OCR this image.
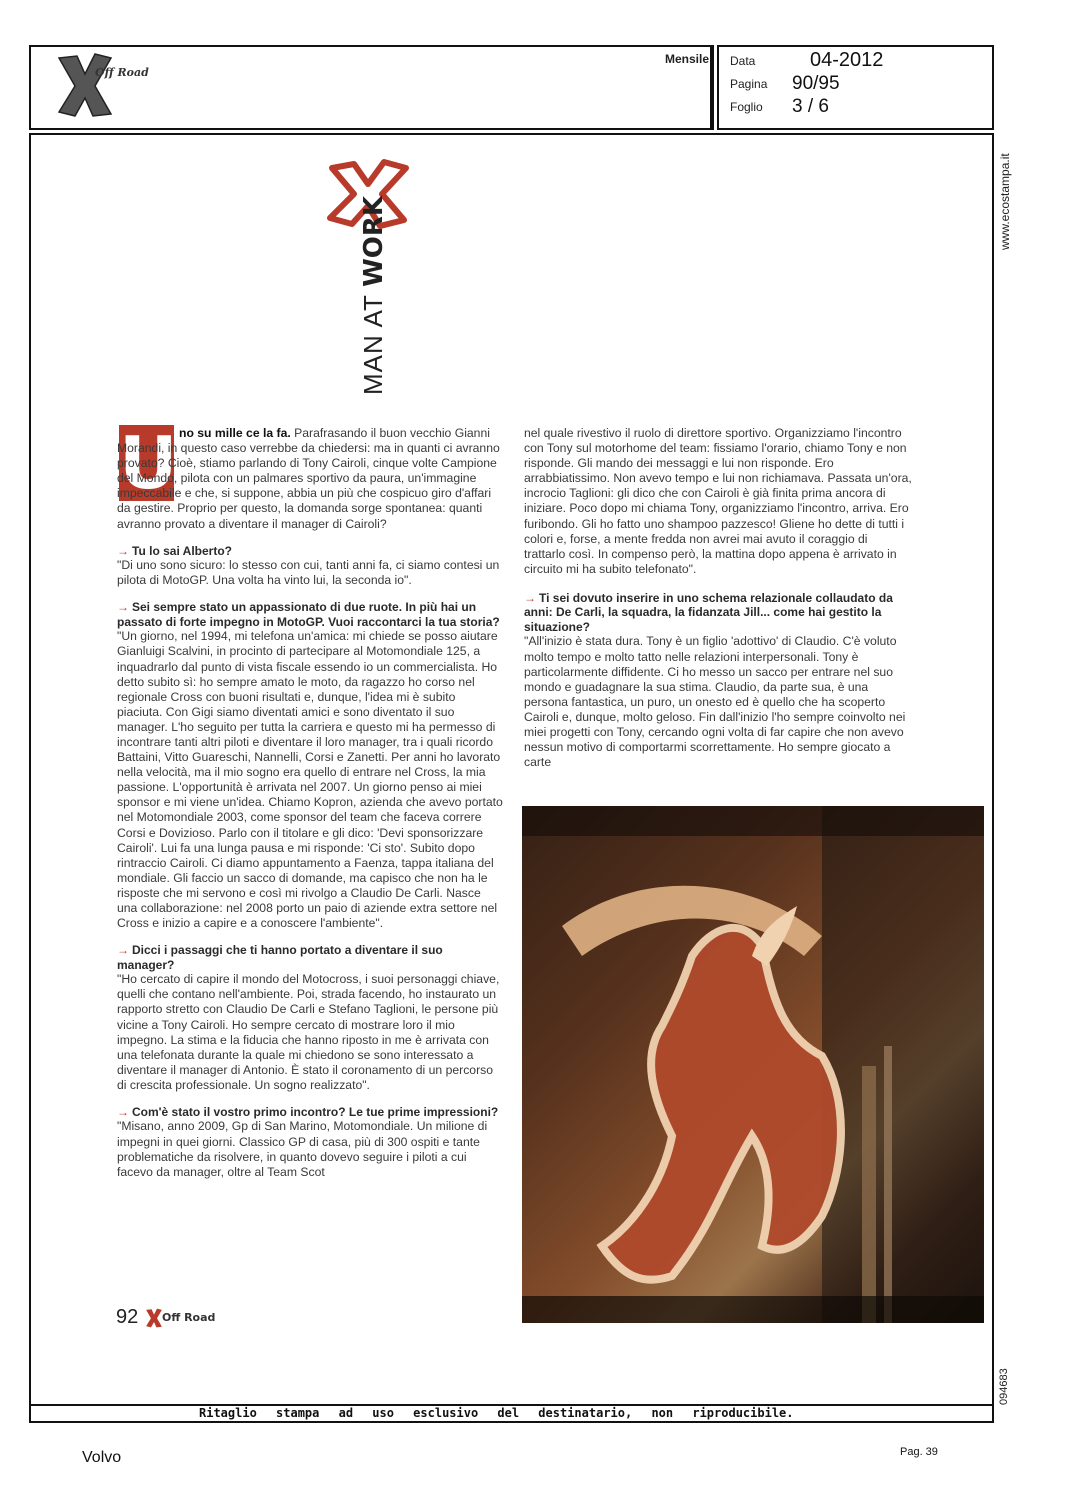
Off Road
Mensile Data	04-2012
Pagina 90/95
Foglio 3 / 6
www.ecostampa.it
094683
MAN AT WORK
U no su mille ce la fa. Parafrasando il buon vecchio Gianni Morandi, in questo caso verrebbe da chiedersi: ma in quanti ci avranno provato? Cioè, stiamo parlando di Tony Cairoli, cinque volte Campione del Mondo, pilota con un palmares sportivo da paura, un'immagine impeccabile e che, si suppone, abbia un più che cospicuo giro d'affari da gestire. Proprio per questo, la domanda sorge spontanea: quanti avranno provato a diventare il manager di Cairoli?

→ Tu lo sai Alberto?
"Di uno sono sicuro: lo stesso con cui, tanti anni fa, ci siamo contesi un pilota di MotoGP. Una volta ha vinto lui, la seconda io".

→ Sei sempre stato un appassionato di due ruote. In più hai un passato di forte impegno in MotoGP. Vuoi raccontarci la tua storia?
"Un giorno, nel 1994, mi telefona un'amica: mi chiede se posso aiutare Gianluigi Scalvini, in procinto di partecipare al Motomondiale 125, a inquadrarlo dal punto di vista fiscale essendo io un commercialista. Ho detto subito sì: ho sempre amato le moto, da ragazzo ho corso nel regionale Cross con buoni risultati e, dunque, l'idea mi è subito piaciuta. Con Gigi siamo diventati amici e sono diventato il suo manager. L'ho seguito per tutta la carriera e questo mi ha permesso di incontrare tanti altri piloti e diventare il loro manager, tra i quali ricordo Battaini, Vitto Guareschi, Nannelli, Corsi e Zanetti. Per anni ho lavorato nella velocità, ma il mio sogno era quello di entrare nel Cross, la mia passione. L'opportunità è arrivata nel 2007. Un giorno penso ai miei sponsor e mi viene un'idea. Chiamo Kopron, azienda che avevo portato nel Motomondiale 2003, come sponsor del team che faceva correre Corsi e Dovizioso. Parlo con il titolare e gli dico: 'Devi sponsorizzare Cairoli'. Lui fa una lunga pausa e mi risponde: 'Ci sto'. Subito dopo rintraccio Cairoli. Ci diamo appuntamento a Faenza, tappa italiana del mondiale. Gli faccio un sacco di domande, ma capisco che non ha le risposte che mi servono e così mi rivolgo a Claudio De Carli. Nasce una collaborazione: nel 2008 porto un paio di aziende extra settore nel Cross e inizio a capire e a conoscere l'ambiente".

→ Dicci i passaggi che ti hanno portato a diventare il suo manager?
"Ho cercato di capire il mondo del Motocross, i suoi personaggi chiave, quelli che contano nell'ambiente. Poi, strada facendo, ho instaurato un rapporto stretto con Claudio De Carli e Stefano Taglioni, le persone più vicine a Tony Cairoli. Ho sempre cercato di mostrare loro il mio impegno. La stima e la fiducia che hanno riposto in me è arrivata con una telefonata durante la quale mi chiedono se sono interessato a diventare il manager di Antonio. È stato il coronamento di un percorso di crescita professionale. Un sogno realizzato".

→ Com'è stato il vostro primo incontro? Le tue prime impressioni?
"Misano, anno 2009, Gp di San Marino, Motomondiale. Un milione di impegni in quei giorni. Classico GP di casa, più di 300 ospiti e tante problematiche da risolvere, in quanto dovevo seguire i piloti a cui facevo da manager, oltre al Team Scot

nel quale rivestivo il ruolo di direttore sportivo. Organizziamo l'incontro con Tony sul motorhome del team: fissiamo l'orario, chiamo Tony e non risponde. Gli mando dei messaggi e lui non risponde. Ero arrabbiatissimo. Non avevo tempo e lui non richiamava. Passata un'ora, incrocio Taglioni: gli dico che con Cairoli è già finita prima ancora di iniziare. Poco dopo mi chiama Tony, organizziamo l'incontro, arriva. Ero furibondo. Gli ho fatto uno shampoo pazzesco! Gliene ho dette di tutti i colori e, forse, a mente fredda non avrei mai avuto il coraggio di trattarlo così. In compenso però, la mattina dopo appena è arrivato in circuito mi ha subito telefonato".

→ Ti sei dovuto inserire in uno schema relazionale collaudato da anni: De Carli, la squadra, la fidanzata Jill... come hai gestito la situazione?
"All'inizio è stata dura. Tony è un figlio 'adottivo' di Claudio. C'è voluto molto tempo e molto tatto nelle relazioni interpersonali. Tony è particolarmente diffidente. Ci ho messo un sacco per entrare nel suo mondo e guadagnare la sua stima. Claudio, da parte sua, è una persona fantastica, un puro, un onesto ed è quello che ha scoperto Cairoli e, dunque, molto geloso. Fin dall'inizio l'ho sempre coinvolto nei miei progetti con Tony, cercando ogni volta di far capire che non avevo nessun motivo di comportarmi scorrettamente. Ho sempre giocato a carte

92 Off Road
Ritaglio stampa ad uso esclusivo del destinatario, non riproducibile.
Volvo	Pag. 39
